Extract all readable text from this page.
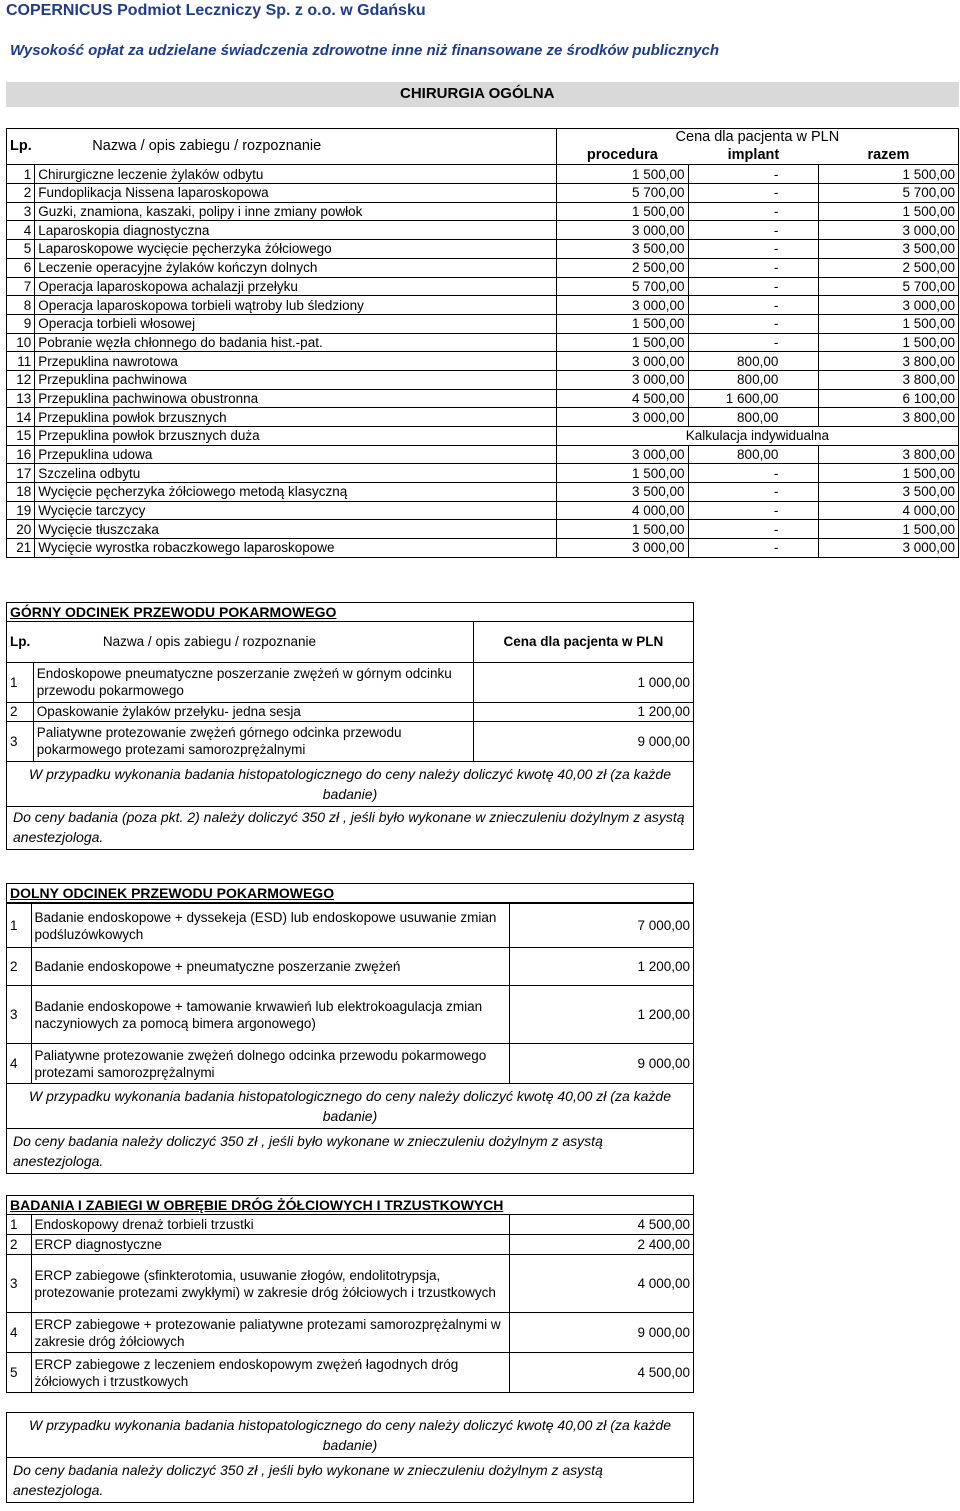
COPERNICUS Podmiot Leczniczy Sp. z o.o. w Gdańsku
Wysokość opłat za udzielane świadczenia zdrowotne inne niż finansowane ze środków publicznych
CHIRURGIA OGÓLNA
Lp.	Nazwa / opis zabiegu / rozpoznanie	Cena dla pacjenta w PLN		
		procedura	implant	razem
1	Chirurgiczne leczenie żylaków odbytu	1 500,00	-	1 500,00
2	Fundoplikacja Nissena laparoskopowa	5 700,00	-	5 700,00
3	Guzki, znamiona, kaszaki, polipy i inne zmiany powłok	1 500,00	-	1 500,00
4	Laparoskopia diagnostyczna	3 000,00	-	3 000,00
5	Laparoskopowe wycięcie pęcherzyka żółciowego	3 500,00	-	3 500,00
6	Leczenie operacyjne żylaków kończyn dolnych	2 500,00	-	2 500,00
7	Operacja laparoskopowa achalazji przełyku	5 700,00	-	5 700,00
8	Operacja laparoskopowa torbieli wątroby lub śledziony	3 000,00	-	3 000,00
9	Operacja torbieli włosowej	1 500,00	-	1 500,00
10	Pobranie węzła chłonnego do badania hist.-pat.	1 500,00	-	1 500,00
11	Przepuklina nawrotowa	3 000,00	800,00	3 800,00
12	Przepuklina pachwinowa	3 000,00	800,00	3 800,00
13	Przepuklina pachwinowa obustronna	4 500,00	1 600,00	6 100,00
14	Przepuklina powłok brzusznych	3 000,00	800,00	3 800,00
15	Przepuklina powłok brzusznych duża	Kalkulacja indywidualna		
16	Przepuklina udowa	3 000,00	800,00	3 800,00
17	Szczelina odbytu	1 500,00	-	1 500,00
18	Wycięcie pęcherzyka żółciowego metodą klasyczną	3 500,00	-	3 500,00
19	Wycięcie tarczycy	4 000,00	-	4 000,00
20	Wycięcie tłuszczaka	1 500,00	-	1 500,00
21	Wycięcie wyrostka robaczkowego laparoskopowe	3 000,00	-	3 000,00
GÓRNY ODCINEK PRZEWODU POKARMOWEGO
Lp.	Nazwa / opis zabiegu / rozpoznanie	Cena dla pacjenta w PLN
1	Endoskopowe pneumatyczne poszerzanie zwężeń w górnym odcinku przewodu pokarmowego	1 000,00
2	Opaskowanie żylaków przełyku- jedna sesja	1 200,00
3	Paliatywne protezowanie zwężeń górnego odcinka przewodu pokarmowego protezami samorozprężalnymi	9 000,00
W przypadku wykonania badania histopatologicznego do ceny należy doliczyć kwotę 40,00 zł (za każde badanie)
Do ceny badania (poza pkt. 2) należy doliczyć 350 zł , jeśli było wykonane w znieczuleniu dożylnym z asystą anestezjologa.
DOLNY ODCINEK PRZEWODU POKARMOWEGO
1	Badanie endoskopowe + dyssekeja (ESD) lub endoskopowe usuwanie zmian podśluzówkowych	7 000,00
2	Badanie endoskopowe + pneumatyczne poszerzanie zwężeń	1 200,00
3	Badanie endoskopowe + tamowanie krwawień lub elektrokoagulacja zmian naczyniowych za pomocą bimera argonowego)	1 200,00
4	Paliatywne protezowanie zwężeń dolnego odcinka przewodu pokarmowego protezami samorozprężalnymi	9 000,00
W przypadku wykonania badania histopatologicznego do ceny należy doliczyć kwotę 40,00 zł (za każde badanie)
Do ceny badania należy doliczyć 350 zł , jeśli było wykonane w znieczuleniu dożylnym z asystą anestezjologa.
BADANIA I ZABIEGI W OBRĘBIE DRÓG ŻÓŁCIOWYCH I TRZUSTKOWYCH
1	Endoskopowy drenaż torbieli trzustki	4 500,00
2	ERCP diagnostyczne	2 400,00
3	ERCP zabiegowe (sfinkterotomia, usuwanie złogów, endolitotrypsja, protezowanie protezami zwykłymi) w zakresie dróg żółciowych i trzustkowych	4 000,00
4	ERCP zabiegowe + protezowanie paliatywne protezami samorozprężalnymi w zakresie dróg żółciowych	9 000,00
5	ERCP zabiegowe z leczeniem endoskopowym zwężeń łagodnych dróg żółciowych i trzustkowych	4 500,00
W przypadku wykonania badania histopatologicznego do ceny należy doliczyć kwotę 40,00 zł (za każde badanie)
Do ceny badania należy doliczyć 350 zł , jeśli było wykonane w znieczuleniu dożylnym z asystą anestezjologa.
